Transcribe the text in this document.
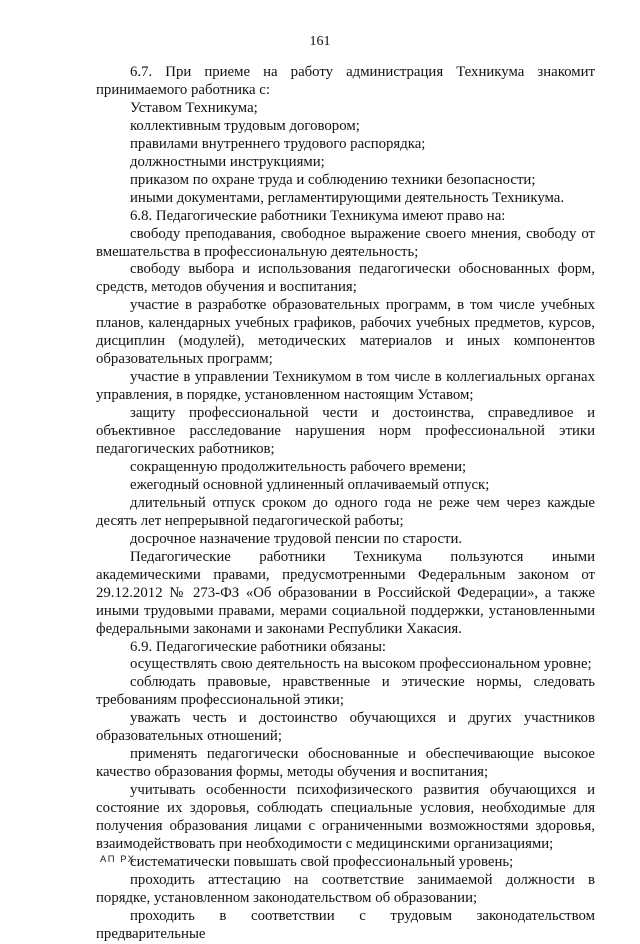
161

6.7. При приеме на работу администрация Техникума знакомит принимаемого работника с:

Уставом Техникума;

коллективным трудовым договором;

правилами внутреннего трудового распорядка;

должностными инструкциями;

приказом по охране труда и соблюдению техники безопасности;

иными документами, регламентирующими деятельность Техникума.

6.8. Педагогические работники Техникума имеют право на:

свободу преподавания, свободное выражение своего мнения, свободу от вмешательства в профессиональную деятельность;

свободу выбора и использования педагогически обоснованных форм, средств, методов обучения и воспитания;

участие в разработке образовательных программ, в том числе учебных планов, календарных учебных графиков, рабочих учебных предметов, курсов, дисциплин (модулей), методических материалов и иных компонентов образовательных программ;

участие в управлении Техникумом в том числе в коллегиальных органах управления, в порядке, установленном настоящим Уставом;

защиту профессиональной чести и достоинства, справедливое и объективное расследование нарушения норм профессиональной этики педагогических работников;

сокращенную продолжительность рабочего времени;

ежегодный основной удлиненный оплачиваемый отпуск;

длительный отпуск сроком до одного года не реже чем через каждые десять лет непрерывной педагогической работы;

досрочное назначение трудовой пенсии по старости.

Педагогические работники Техникума пользуются иными академическими правами, предусмотренными Федеральным законом от 29.12.2012 № 273-ФЗ «Об образовании в Российской Федерации», а также иными трудовыми правами, мерами социальной поддержки, установленными федеральными законами и законами Республики Хакасия.

6.9. Педагогические работники обязаны:

осуществлять свою деятельность на высоком профессиональном уровне;

соблюдать правовые, нравственные и этические нормы, следовать требованиям профессиональной этики;

уважать честь и достоинство обучающихся и других участников образовательных отношений;

применять педагогически обоснованные и обеспечивающие высокое качество образования формы, методы обучения и воспитания;

учитывать особенности психофизического развития обучающихся и состояние их здоровья, соблюдать специальные условия, необходимые для получения образования лицами с ограниченными возможностями здоровья, взаимодействовать при необходимости с медицинскими организациями;

систематически повышать свой профессиональный уровень;

проходить аттестацию на соответствие занимаемой должности в порядке, установленном законодательством об образовании;

проходить в соответствии с трудовым законодательством предварительные

АП РХ
